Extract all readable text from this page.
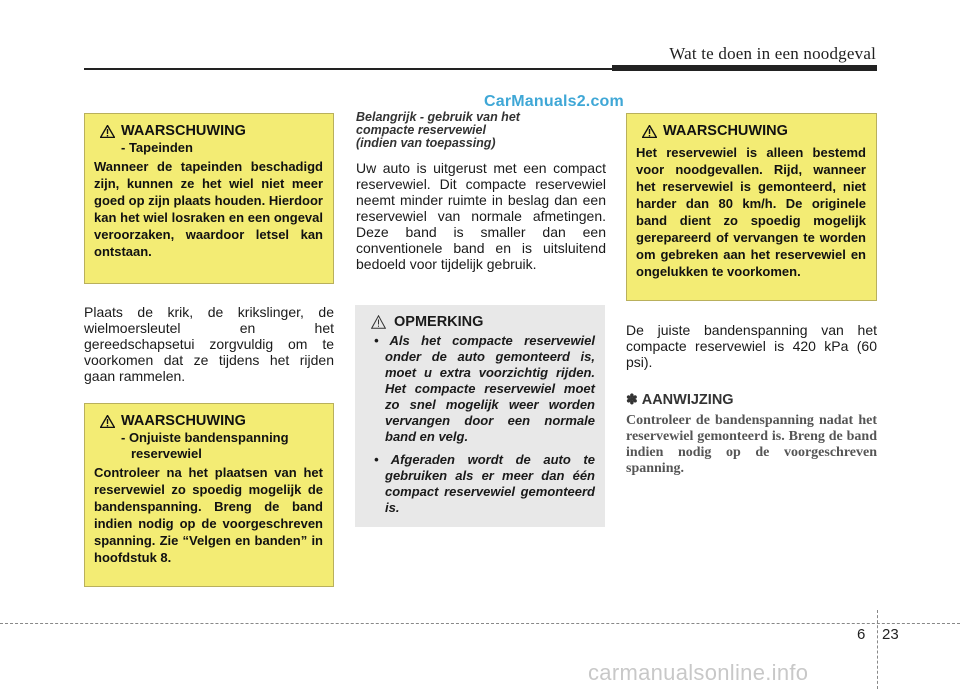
Wat te doen in een noodgeval
CarManuals2.com
WAARSCHUWING
- Tapeinden
Wanneer de tapeinden beschadigd zijn, kunnen ze het wiel niet meer goed op zijn plaats houden. Hierdoor kan het wiel losraken en een ongeval veroorzaken, waardoor letsel kan ontstaan.
Plaats de krik, de krikslinger, de wielmoersleutel en het gereedschapsetui zorgvuldig om te voorkomen dat ze tijdens het rijden gaan rammelen.
WAARSCHUWING
- Onjuiste bandenspanning
reservewiel
Controleer na het plaatsen van het reservewiel zo spoedig mogelijk de bandenspanning. Breng de band indien nodig op de voorgeschreven spanning. Zie “Velgen en banden” in hoofdstuk 8.
Belangrijk - gebruik van het
compacte reservewiel
(indien van toepassing)
Uw auto is uitgerust met een compact reservewiel. Dit compacte reservewiel neemt minder ruimte in beslag dan een reservewiel van normale afmetingen. Deze band is smaller dan een conventionele band en is uitsluitend bedoeld voor tijdelijk gebruik.
OPMERKING
• Als het compacte reservewiel onder de auto gemonteerd is, moet u extra voorzichtig rijden. Het compacte reservewiel moet zo snel mogelijk weer worden vervangen door een normale band en velg.
• Afgeraden wordt de auto te gebruiken als er meer dan één compact reservewiel gemonteerd is.
WAARSCHUWING
Het reservewiel is alleen bestemd voor noodgevallen. Rijd, wanneer het reservewiel is gemonteerd, niet harder dan 80 km/h. De originele band dient zo spoedig mogelijk gerepareerd of vervangen te worden om gebreken aan het reservewiel en ongelukken te voorkomen.
De juiste bandenspanning van het compacte reservewiel is 420 kPa (60 psi).
✽ AANWIJZING
Controleer de bandenspanning nadat het reservewiel gemonteerd is. Breng de band indien nodig op de voorgeschreven spanning.
6 23
carmanualsonline.info
